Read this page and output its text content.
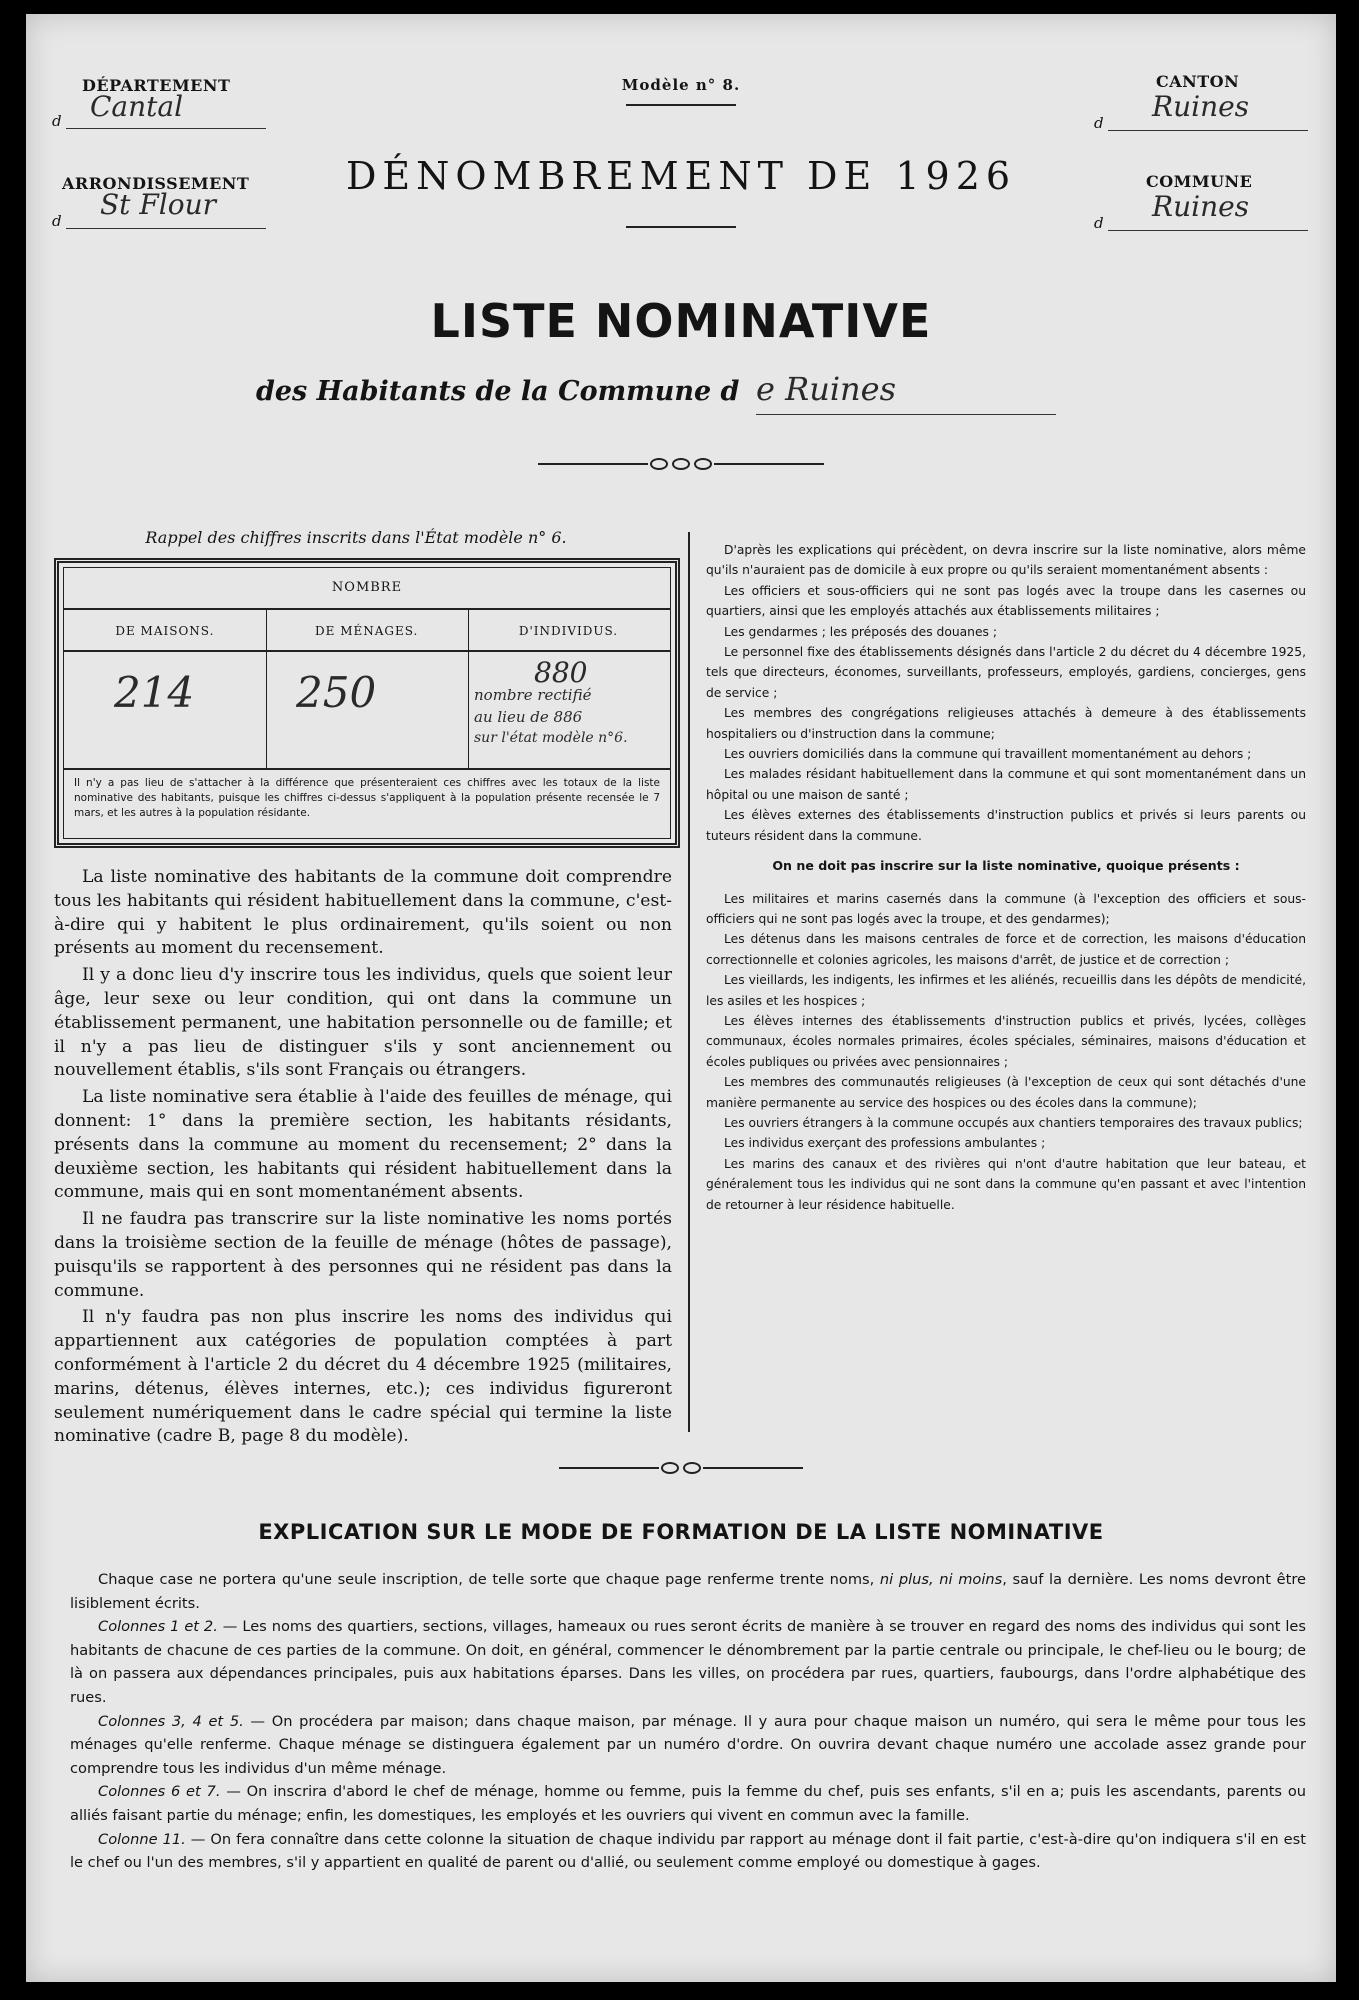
DÉPARTEMENT
d Cantal
ARRONDISSEMENT
d St Flour
Modèle n° 8.
DÉNOMBREMENT DE 1926
CANTON
d Ruines
COMMUNE
d Ruines
LISTE NOMINATIVE
des Habitants de la Commune d e Ruines
Rappel des chiffres inscrits dans l'État modèle n° 6.
NOMBRE
DE MAISONS.	DE MÉNAGES.	D'INDIVIDUS.
214 250	880
nombre rectifié
au lieu de 886
sur l'état modèle n°6.
Il n'y a pas lieu de s'attacher à la différence que présenteraient ces chiffres avec les totaux de la liste nominative des habitants, puisque les chiffres ci-dessus s'appliquent à la population présente recensée le 7 mars, et les autres à la population résidante.

La liste nominative des habitants de la commune doit comprendre tous les habitants qui résident habituellement dans la commune, c'est-à-dire qui y habitent le plus ordinairement, qu'ils soient ou non présents au moment du recensement.

Il y a donc lieu d'y inscrire tous les individus, quels que soient leur âge, leur sexe ou leur condition, qui ont dans la commune un établissement permanent, une habitation personnelle ou de famille; et il n'y a pas lieu de distinguer s'ils y sont anciennement ou nouvellement établis, s'ils sont Français ou étrangers.

La liste nominative sera établie à l'aide des feuilles de ménage, qui donnent: 1° dans la première section, les habitants résidants, présents dans la commune au moment du recensement; 2° dans la deuxième section, les habitants qui résident habituellement dans la commune, mais qui en sont momentanément absents.

Il ne faudra pas transcrire sur la liste nominative les noms portés dans la troisième section de la feuille de ménage (hôtes de passage), puisqu'ils se rapportent à des personnes qui ne résident pas dans la commune.

Il n'y faudra pas non plus inscrire les noms des individus qui appartiennent aux catégories de population comptées à part conformément à l'article 2 du décret du 4 décembre 1925 (militaires, marins, détenus, élèves internes, etc.); ces individus figureront seulement numériquement dans le cadre spécial qui termine la liste nominative (cadre B, page 8 du modèle).

D'après les explications qui précèdent, on devra inscrire sur la liste nominative, alors même qu'ils n'auraient pas de domicile à eux propre ou qu'ils seraient momentanément absents :

Les officiers et sous-officiers qui ne sont pas logés avec la troupe dans les casernes ou quartiers, ainsi que les employés attachés aux établissements militaires ;

Les gendarmes ; les préposés des douanes ;

Le personnel fixe des établissements désignés dans l'article 2 du décret du 4 décembre 1925, tels que directeurs, économes, surveillants, professeurs, employés, gardiens, concierges, gens de service ;

Les membres des congrégations religieuses attachés à demeure à des établissements hospitaliers ou d'instruction dans la commune;

Les ouvriers domiciliés dans la commune qui travaillent momentanément au dehors ;

Les malades résidant habituellement dans la commune et qui sont momentanément dans un hôpital ou une maison de santé ;

Les élèves externes des établissements d'instruction publics et privés si leurs parents ou tuteurs résident dans la commune.

On ne doit pas inscrire sur la liste nominative, quoique présents :

Les militaires et marins casernés dans la commune (à l'exception des officiers et sous-officiers qui ne sont pas logés avec la troupe, et des gendarmes);

Les détenus dans les maisons centrales de force et de correction, les maisons d'éducation correctionnelle et colonies agricoles, les maisons d'arrêt, de justice et de correction ;

Les vieillards, les indigents, les infirmes et les aliénés, recueillis dans les dépôts de mendicité, les asiles et les hospices ;

Les élèves internes des établissements d'instruction publics et privés, lycées, collèges communaux, écoles normales primaires, écoles spéciales, séminaires, maisons d'éducation et écoles publiques ou privées avec pensionnaires ;

Les membres des communautés religieuses (à l'exception de ceux qui sont détachés d'une manière permanente au service des hospices ou des écoles dans la commune);

Les ouvriers étrangers à la commune occupés aux chantiers temporaires des travaux publics;

Les individus exerçant des professions ambulantes ;

Les marins des canaux et des rivières qui n'ont d'autre habitation que leur bateau, et généralement tous les individus qui ne sont dans la commune qu'en passant et avec l'intention de retourner à leur résidence habituelle.

EXPLICATION SUR LE MODE DE FORMATION DE LA LISTE NOMINATIVE

Chaque case ne portera qu'une seule inscription, de telle sorte que chaque page renferme trente noms, ni plus, ni moins, sauf la dernière. Les noms devront être lisiblement écrits.

Colonnes 1 et 2. — Les noms des quartiers, sections, villages, hameaux ou rues seront écrits de manière à se trouver en regard des noms des individus qui sont les habitants de chacune de ces parties de la commune. On doit, en général, commencer le dénombrement par la partie centrale ou principale, le chef-lieu ou le bourg; de là on passera aux dépendances principales, puis aux habitations éparses. Dans les villes, on procédera par rues, quartiers, faubourgs, dans l'ordre alphabétique des rues.

Colonnes 3, 4 et 5. — On procédera par maison; dans chaque maison, par ménage. Il y aura pour chaque maison un numéro, qui sera le même pour tous les ménages qu'elle renferme. Chaque ménage se distinguera également par un numéro d'ordre. On ouvrira devant chaque numéro une accolade assez grande pour comprendre tous les individus d'un même ménage.

Colonnes 6 et 7. — On inscrira d'abord le chef de ménage, homme ou femme, puis la femme du chef, puis ses enfants, s'il en a; puis les ascendants, parents ou alliés faisant partie du ménage; enfin, les domestiques, les employés et les ouvriers qui vivent en commun avec la famille.

Colonne 11. — On fera connaître dans cette colonne la situation de chaque individu par rapport au ménage dont il fait partie, c'est-à-dire qu'on indiquera s'il en est le chef ou l'un des membres, s'il y appartient en qualité de parent ou d'allié, ou seulement comme employé ou domestique à gages.
